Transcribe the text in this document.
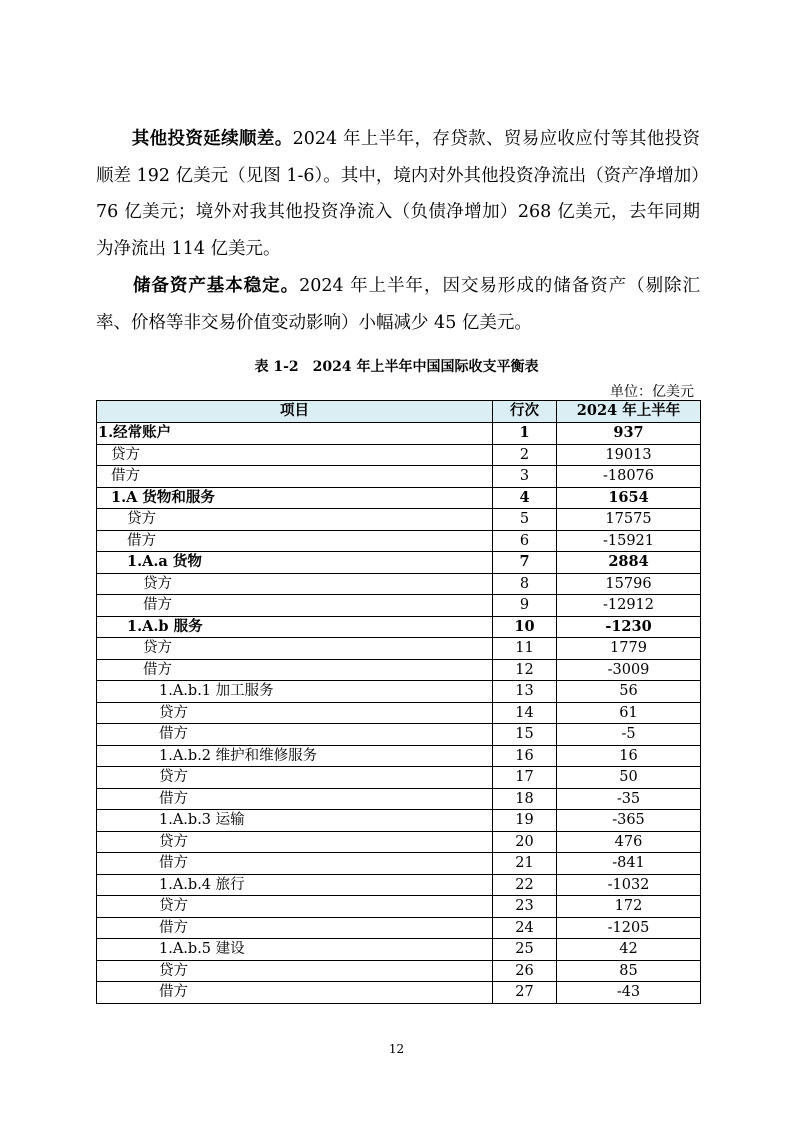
　　其他投资延续顺差。2024 年上半年，存贷款、贸易应收应付等其他投资顺差 192 亿美元（见图 1-6）。其中，境内对外其他投资净流出（资产净增加）76 亿美元；境外对我其他投资净流入（负债净增加）268 亿美元，去年同期为净流出 114 亿美元。

　　储备资产基本稳定。2024 年上半年，因交易形成的储备资产（剔除汇率、价格等非交易价值变动影响）小幅减少 45 亿美元。

表 1-2　2024 年上半年中国国际收支平衡表
单位：亿美元
项目	行次	2024 年上半年
1.经常账户	1	937
贷方	2	19013
借方	3	-18076
1.A 货物和服务	4	1654
贷方	5	17575
借方	6	-15921
1.A.a 货物	7	2884
贷方	8	15796
借方	9	-12912
1.A.b 服务	10	-1230
贷方	11	1779
借方	12	-3009
1.A.b.1 加工服务	13	56
贷方	14	61
借方	15	-5
1.A.b.2 维护和维修服务	16	16
贷方	17	50
借方	18	-35
1.A.b.3 运输	19	-365
贷方	20	476
借方	21	-841
1.A.b.4 旅行	22	-1032
贷方	23	172
借方	24	-1205
1.A.b.5 建设	25	42
贷方	26	85
借方	27	-43
12
